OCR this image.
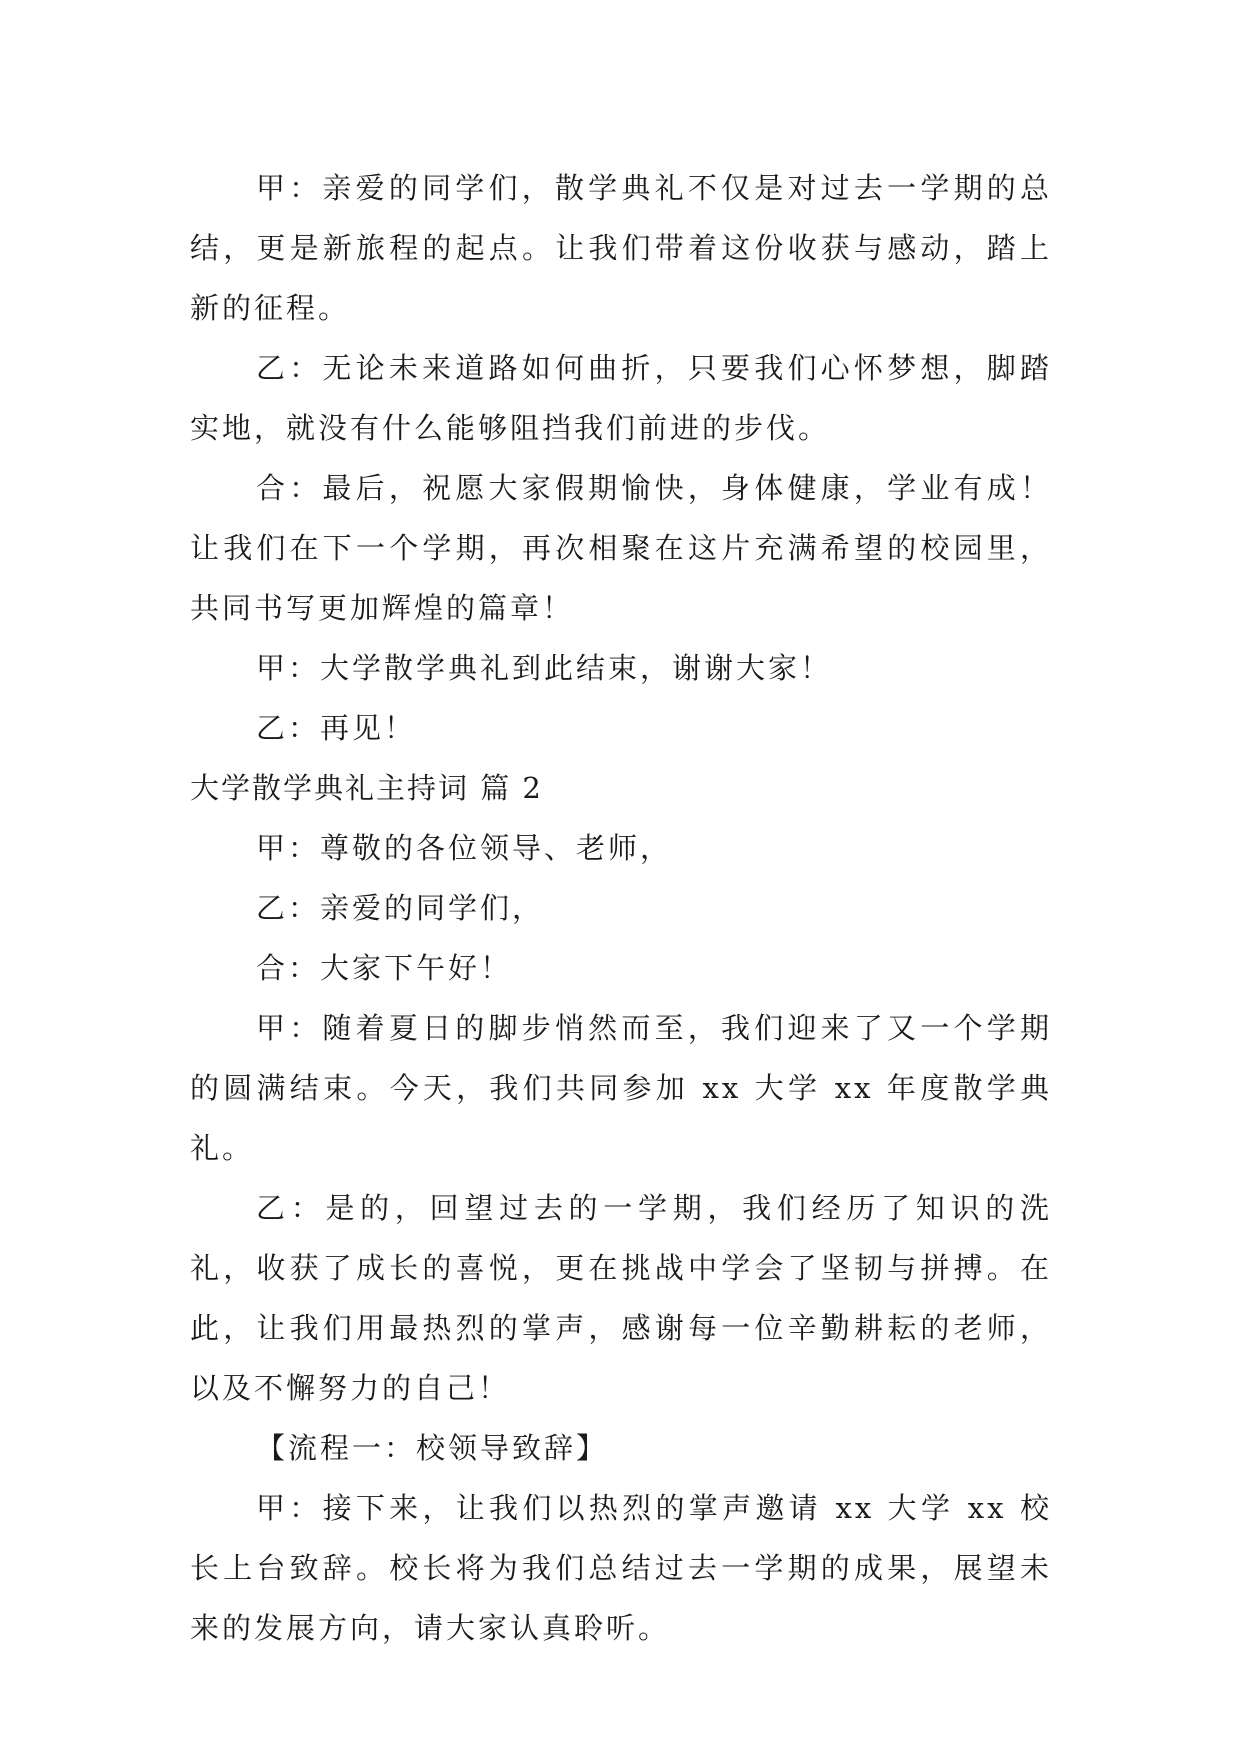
甲：亲爱的同学们，散学典礼不仅是对过去一学期的总结，更是新旅程的起点。让我们带着这份收获与感动，踏上新的征程。

乙：无论未来道路如何曲折，只要我们心怀梦想，脚踏实地，就没有什么能够阻挡我们前进的步伐。

合：最后，祝愿大家假期愉快，身体健康，学业有成！让我们在下一个学期，再次相聚在这片充满希望的校园里，共同书写更加辉煌的篇章！

甲：大学散学典礼到此结束，谢谢大家！

乙：再见！

大学散学典礼主持词 篇 2

甲：尊敬的各位领导、老师，

乙：亲爱的同学们，

合：大家下午好！

甲：随着夏日的脚步悄然而至，我们迎来了又一个学期的圆满结束。今天，我们共同参加 xx 大学 xx 年度散学典礼。

乙：是的，回望过去的一学期，我们经历了知识的洗礼，收获了成长的喜悦，更在挑战中学会了坚韧与拼搏。在此，让我们用最热烈的掌声，感谢每一位辛勤耕耘的老师，以及不懈努力的自己！

【流程一：校领导致辞】

甲：接下来，让我们以热烈的掌声邀请 xx 大学 xx 校长上台致辞。校长将为我们总结过去一学期的成果，展望未来的发展方向，请大家认真聆听。
